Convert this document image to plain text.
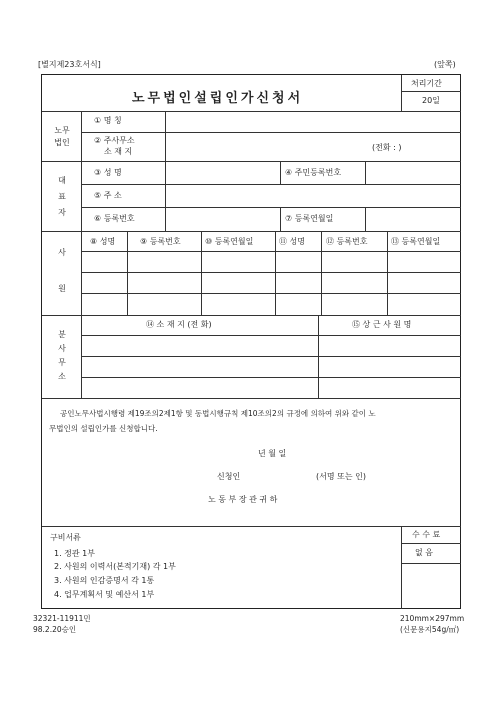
[별지제23호서식]	(앞쪽)
노무법인설립인가신청서
처리기간
20일
노무
법인
① 명 칭
② 주사무소
소 재 지	(전화 : )
대
표
자
③ 성 명	④ 주민등록번호
⑤ 주 소
⑥ 등록번호	⑦ 등록연월일
사
원
⑧ 성명	⑨ 등록번호	⑩ 등록연월일	⑪ 성명	⑫ 등록번호	⑬ 등록연월일
분
사
무
소
⑭ 소 재 지 (전 화)	⑮ 상 근 사 원 명
공인노무사법시행령 제19조의2제1항 및 동법시행규칙 제10조의2의 규정에 의하여 위와 같이 노
무법인의 설립인가를 신청합니다.
년 월 일
신청인	(서명 또는 인)
노 동 부 장 관 귀 하
구비서류
1. 정관 1부
2. 사원의 이력서(본적기재) 각 1부
3. 사원의 인감증명서 각 1통
4. 업무계획서 및 예산서 1부
수 수 료
없 음
32321-11911민
98.2.20승인
210mm×297mm
(신문용지54g/㎡)
